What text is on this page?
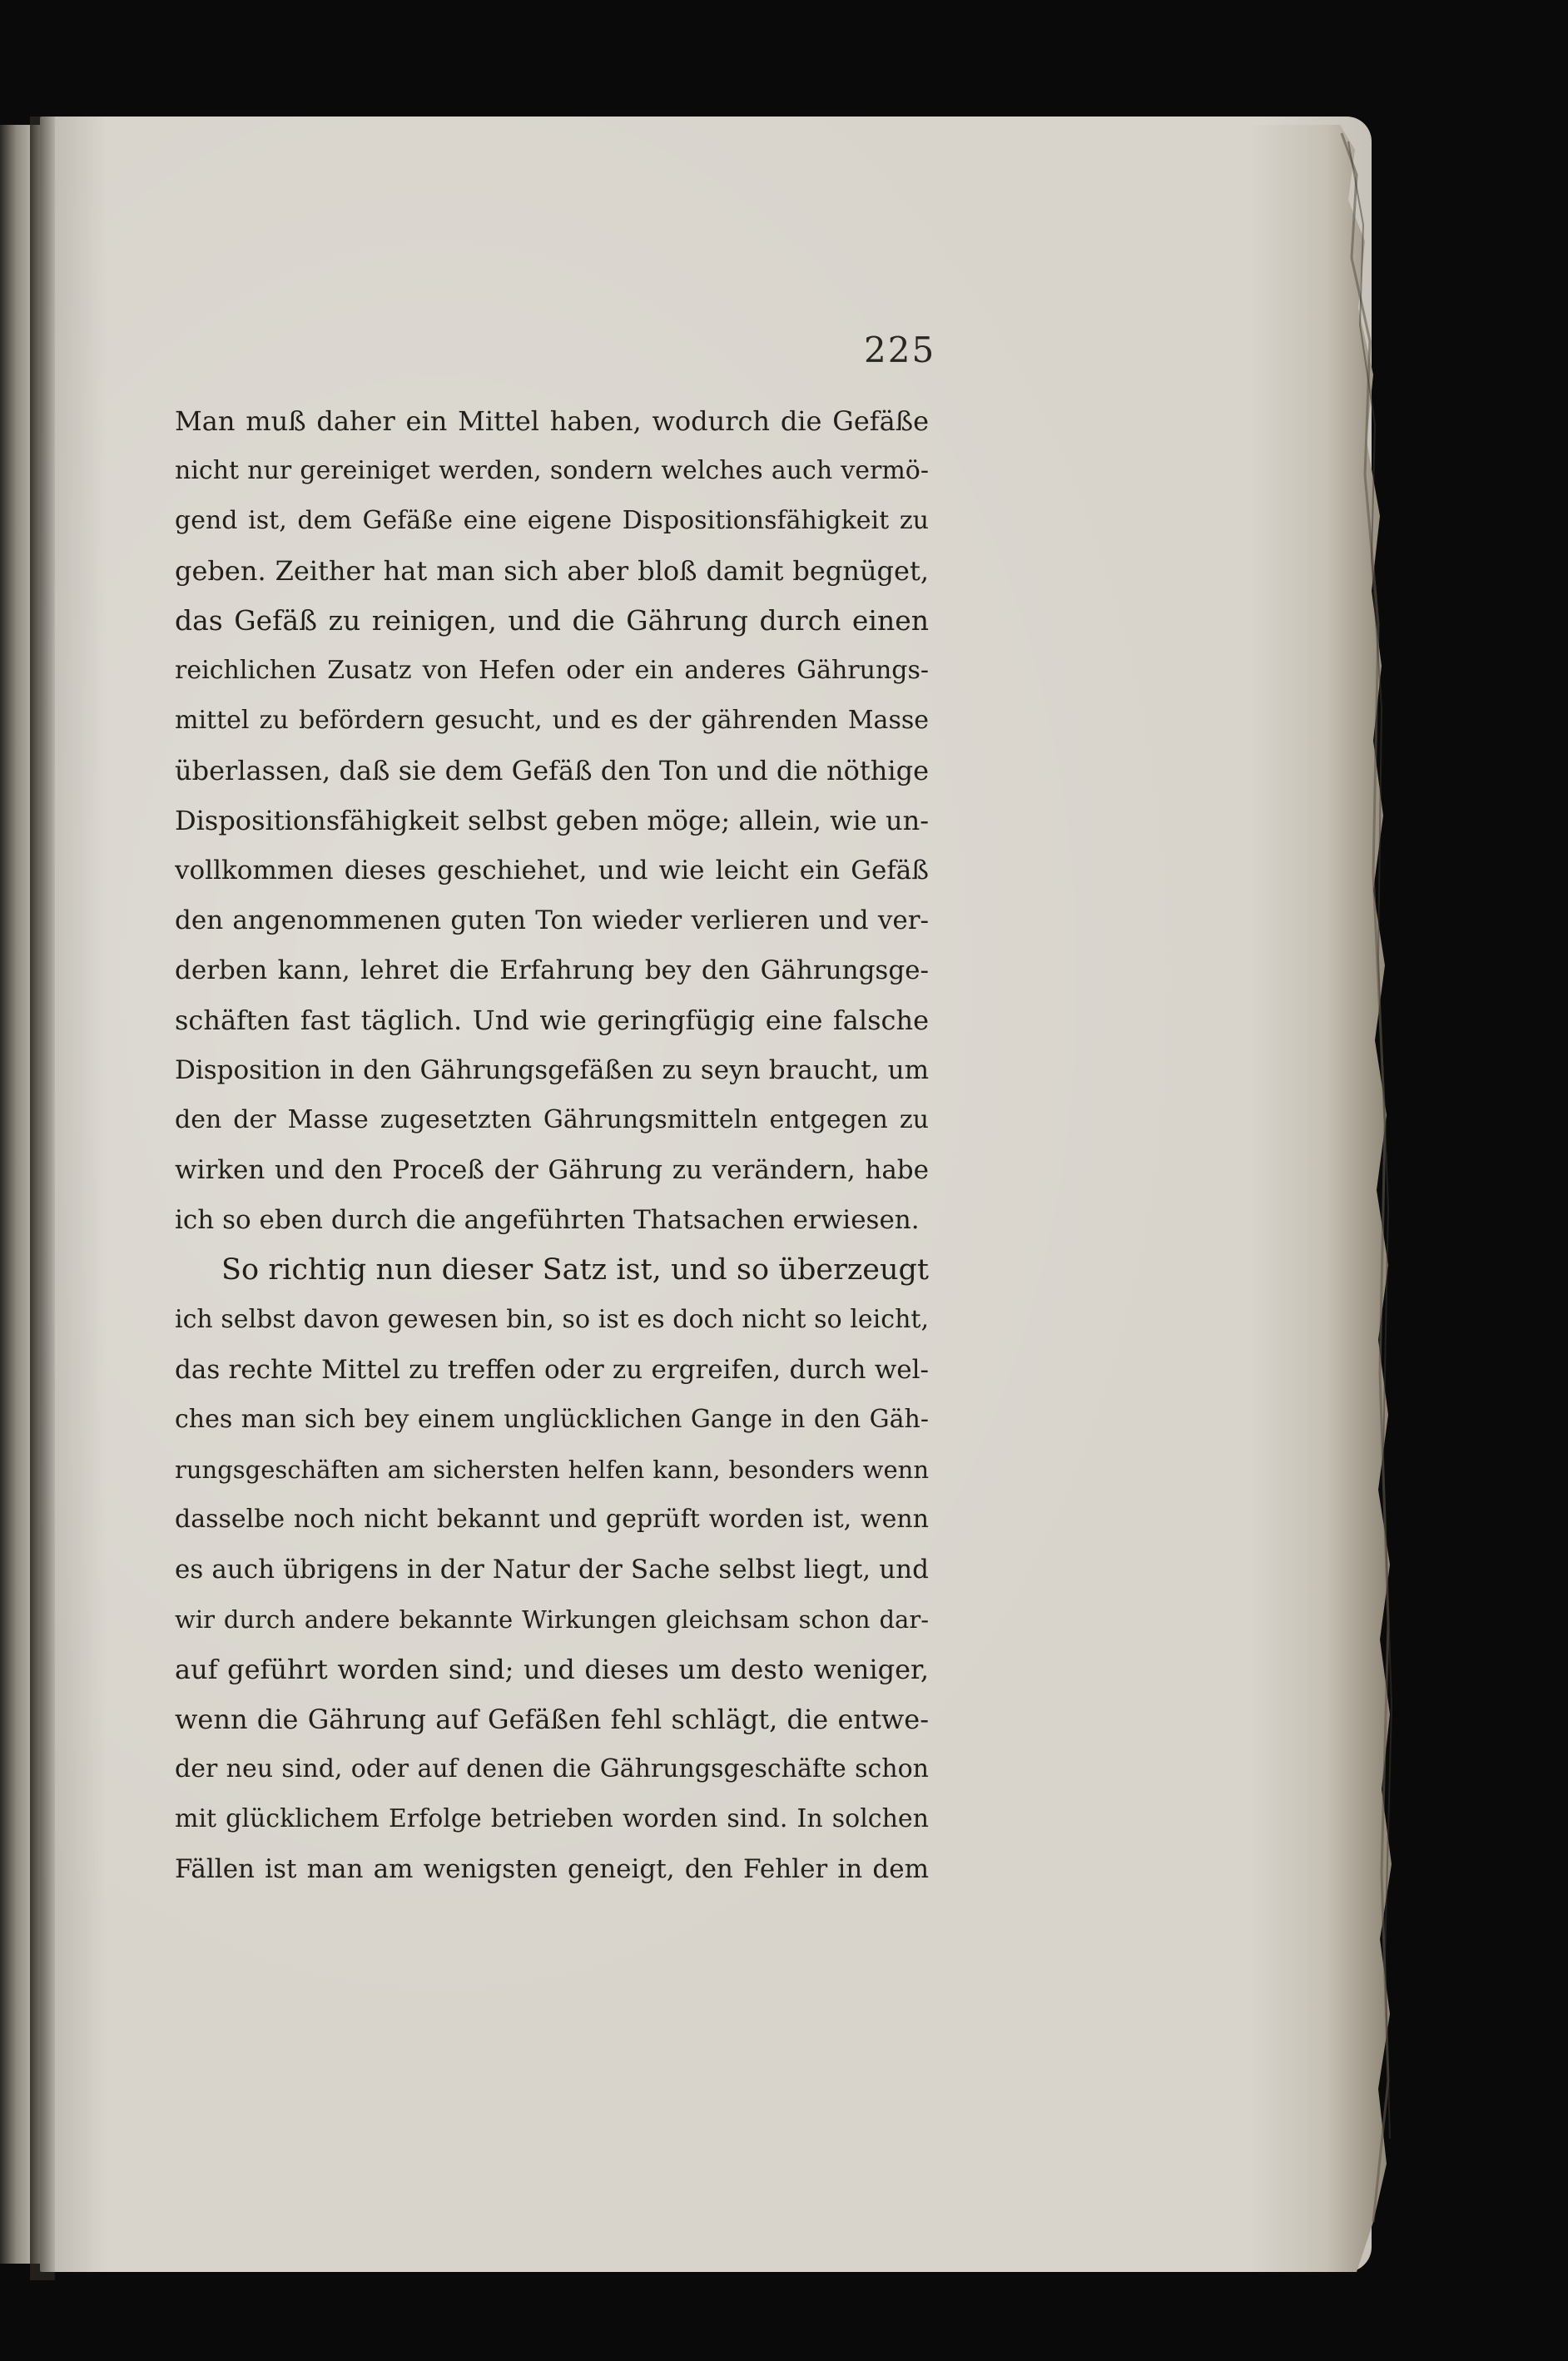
225
Man muß daher ein Mittel haben, wodurch die Gefäße
nicht nur gereiniget werden, sondern welches auch vermö-
gend ist, dem Gefäße eine eigene Dispositionsfähigkeit zu
geben. Zeither hat man sich aber bloß damit begnüget,
das Gefäß zu reinigen, und die Gährung durch einen
reichlichen Zusatz von Hefen oder ein anderes Gährungs-
mittel zu befördern gesucht, und es der gährenden Masse
überlassen, daß sie dem Gefäß den Ton und die nöthige
Dispositionsfähigkeit selbst geben möge; allein, wie un-
vollkommen dieses geschiehet, und wie leicht ein Gefäß
den angenommenen guten Ton wieder verlieren und ver-
derben kann, lehret die Erfahrung bey den Gährungsge-
schäften fast täglich. Und wie geringfügig eine falsche
Disposition in den Gährungsgefäßen zu seyn braucht, um
den der Masse zugesetzten Gährungsmitteln entgegen zu
wirken und den Proceß der Gährung zu verändern, habe
ich so eben durch die angeführten Thatsachen erwiesen.
So richtig nun dieser Satz ist, und so überzeugt
ich selbst davon gewesen bin, so ist es doch nicht so leicht,
das rechte Mittel zu treffen oder zu ergreifen, durch wel-
ches man sich bey einem unglücklichen Gange in den Gäh-
rungsgeschäften am sichersten helfen kann, besonders wenn
dasselbe noch nicht bekannt und geprüft worden ist, wenn
es auch übrigens in der Natur der Sache selbst liegt, und
wir durch andere bekannte Wirkungen gleichsam schon dar-
auf geführt worden sind; und dieses um desto weniger,
wenn die Gährung auf Gefäßen fehl schlägt, die entwe-
der neu sind, oder auf denen die Gährungsgeschäfte schon
mit glücklichem Erfolge betrieben worden sind. In solchen
Fällen ist man am wenigsten geneigt, den Fehler in dem
